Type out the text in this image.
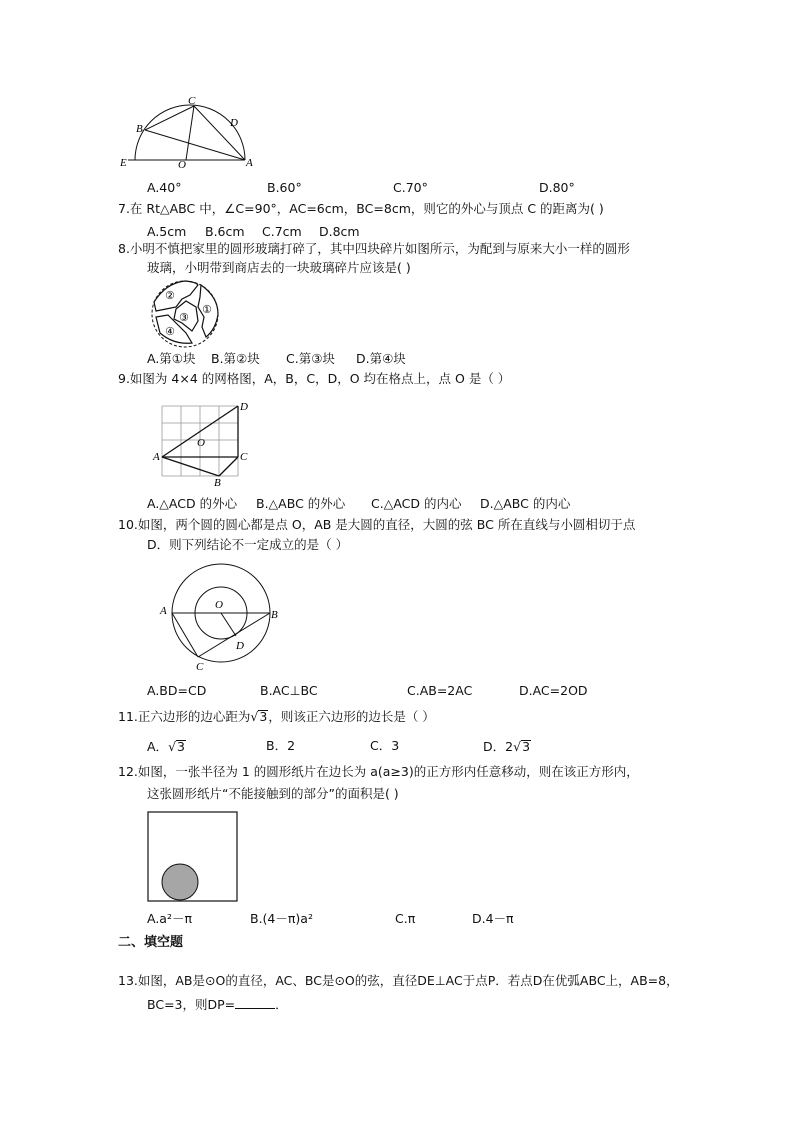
C
B	D
E	O	A
A.40°	B.60°	C.70°	D.80°
7.在 Rt△ABC 中，∠C=90°，AC=6cm，BC=8cm，则它的外心与顶点 C 的距离为( )
A.5cm B.6cm C.7cm D.8cm
8.小明不慎把家里的圆形玻璃打碎了，其中四块碎片如图所示，为配到与原来大小一样的圆形
玻璃，小明带到商店去的一块玻璃碎片应该是( )
②
①
③
④
A.第①块 B.第②块 C.第③块 D.第④块
9.如图为 4×4 的网格图，A，B，C，D，O 均在格点上，点 O 是（ ）
D
O
A	C
B
A.△ACD 的外心 B.△ABC 的外心 C.△ACD 的内心 D.△ABC 的内心
10.如图，两个圆的圆心都是点 O，AB 是大圆的直径，大圆的弦 BC 所在直线与小圆相切于点
D．则下列结论不一定成立的是（ ）
A	O
B
D
C
A.BD=CD	B.AC⊥BC	C.AB=2AC	D.AC=2OD
11.正六边形的边心距为√3，则该正六边形的边长是（ ）
A．√3	B．2	C．3	D．2√3
12.如图，一张半径为 1 的圆形纸片在边长为 a(a≥3)的正方形内任意移动，则在该正方形内，
这张圆形纸片“不能接触到的部分”的面积是( )
A.a²－π	B.(4－π)a²	C.π	D.4－π
二、填空题
13.如图，AB是⊙O的直径，AC、BC是⊙O的弦，直径DE⊥AC于点P．若点D在优弧ABC上，AB=8，
BC=3，则DP=	．
